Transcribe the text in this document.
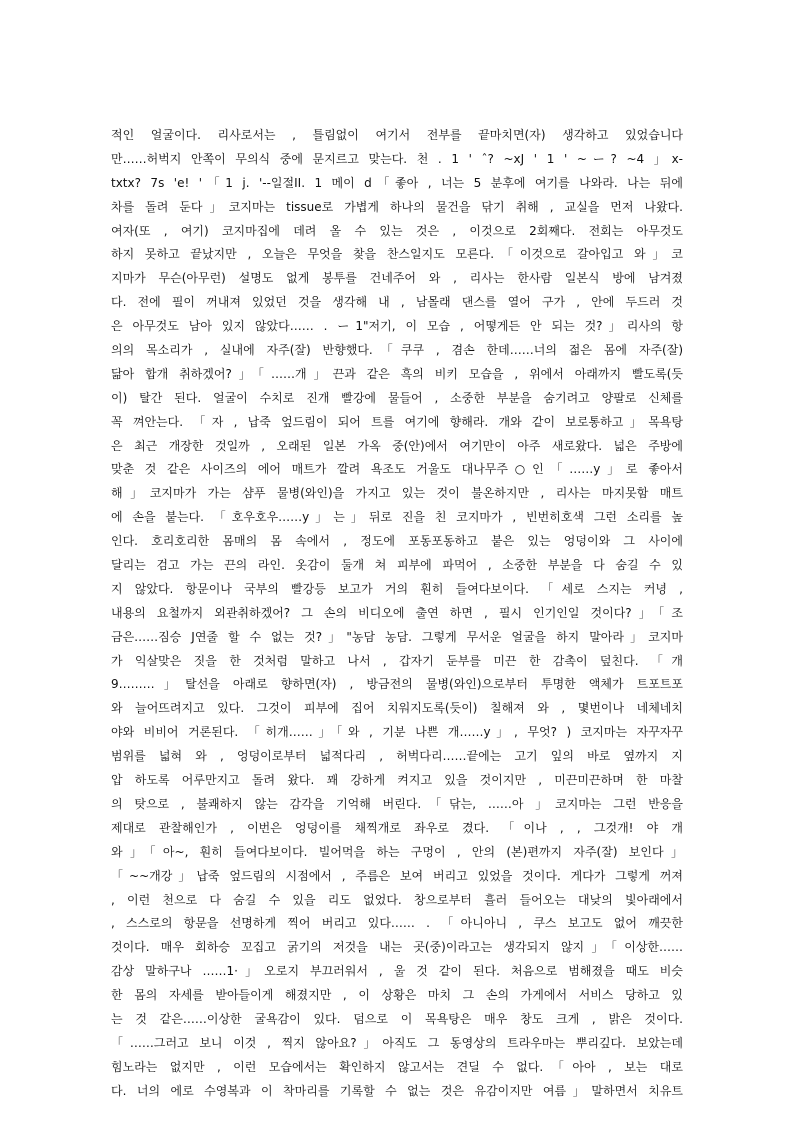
적인 얼굴이다. 리사로서는 , 틀림없이 여기서 전부를 끝마치면(자) 생각하고 있었습니다
만……허벅지 안쪽이 무의식 중에 문지르고 맞는다. 천 . 1 ' ˆ? ~xJ ' 1 ' ~ー? ~4 」x-
txtx? 7s 'e! '「1 j. '--일절II. 1 메이 d「좋아 , 너는 5 분후에 여기를 나와라. 나는 뒤에
차를 돌려 둔다」코지마는 tissue로 가볍게 하나의 물건을 닦기 취해 , 교실을 먼저 나왔다.
여자(또 , 여기) 코지마집에 데려 올 수 있는 것은 , 이것으로 2회째다. 전회는 아무것도
하지 못하고 끝났지만 , 오늘은 무엇을 찾을 찬스일지도 모른다.「이것으로 갈아입고 와」코
지마가 무슨(아무런) 설명도 없게 봉투를 건네주어 와 , 리사는 한사람 일본식 방에 남겨졌
다. 전에 필이 꺼내져 있었던 것을 생각해 내 , 남몰래 댄스를 열어 구가 , 안에 두드러 것
은 아무것도 남아 있지 않았다…… . ー1"저기, 이 모습 , 어떻게든 안 되는 것?」리사의 항
의의 목소리가 , 실내에 자주(잘) 반향했다.「쿠쿠 , 겸손 한데……너의 젊은 몸에 자주(잘)
닮아 합개 취하겠어?」「……개」끈과 같은 흑의 비키 모습을 , 위에서 아래까지 빨도록(듯
이) 탈간 된다. 얼굴이 수치로 진개 빨강에 물들어 , 소중한 부분을 숨기려고 양팔로 신체를
꼭 껴안는다. 「자 , 납죽 엎드림이 되어 트를 여기에 향해라. 개와 같이 보로통하고」목욕탕
은 최근 개장한 것일까 , 오래된 일본 가옥 중(안)에서 여기만이 아주 새로왔다. 넓은 주방에
맞춘 것 같은 사이즈의 에어 매트가 깔려 욕조도 거울도 대나무주○인「……y」로 좋아서
해」코지마가 가는 샴푸 물병(와인)을 가지고 있는 것이 불온하지만 , 리사는 마지못함 매트
에 손을 붙는다. 「호우호우……y」는」뒤로 진을 친 코지마가 , 빈번히호색 그런 소리를 높
인다. 호리호리한 몸매의 몸 속에서 , 정도에 포동포동하고 붙은 있는 엉덩이와 그 사이에
달리는 검고 가는 끈의 라인. 옷감이 둘개 쳐 피부에 파먹어 , 소중한 부분을 다 숨길 수 있
지 않았다. 항문이나 국부의 빨강등 보고가 거의 훤히 들여다보이다. 「세로 스지는 커녕 ,
내용의 요철까지 외관취하겠어? 그 손의 비디오에 출연 하면 , 필시 인기인일 것이다?」「조
금은……짐승 J연줄 할 수 없는 것?」"농담 농담. 그렇게 무서운 얼굴을 하지 말아라」코지마
가 익살맞은 짓을 한 것처럼 말하고 나서 , 갑자기 둔부를 미끈 한 감촉이 덮친다. 「개
9………」탈선을 아래로 향하면(자) , 방금전의 물병(와인)으로부터 투명한 액체가 트포트포
와 늘어뜨려지고 있다. 그것이 피부에 집어 치워지도록(듯이) 칠해져 와 , 몇번이나 네체네치
야와 비비어 거론된다. 「히개……」「와 , 기분 나쁜 개……y」, 무엇? ) 코지마는 자꾸자꾸
범위를 넓혀 와 , 엉덩이로부터 넓적다리 , 허벅다리……끝에는 고기 잎의 바로 옆까지 지
압 하도록 어루만지고 돌려 왔다. 꽤 강하게 켜지고 있을 것이지만 , 미끈미끈하며 한 마찰
의 탓으로 , 불쾌하지 않는 감각을 기억해 버린다.「닦는, ……아 」코지마는 그런 반응을
제대로 관찰해인가 , 이번은 엉덩이를 채찍개로 좌우로 겼다. 「이나 , , 그것개! 야 개
와」「아~, 훤히 들여다보이다. 빌어먹을 하는 구멍이 , 안의 (본)편까지 자주(잘) 보인다」
「~~개강」납죽 엎드림의 시점에서 , 주름은 보여 버리고 있었을 것이다. 게다가 그렇게 꺼져
, 이런 천으로 다 숨길 수 있을 리도 없었다. 창으로부터 흘러 들어오는 대낮의 빛아래에서
, 스스로의 항문을 선명하게 찍어 버리고 있다…… . 「아니아니 , 쿠스 보고도 없어 깨끗한
것이다. 매우 회하승 꼬집고 굵기의 저것을 내는 곳(중)이라고는 생각되지 않지」「이상한……
감상 말하구나 ……1·」오로지 부끄러워서 , 울 것 같이 된다. 처음으로 범해졌을 때도 비슷
한 몸의 자세를 받아들이게 해졌지만 , 이 상황은 마치 그 손의 가게에서 서비스 당하고 있
는 것 같은……이상한 굴욕감이 있다. 덤으로 이 목욕탕은 매우 창도 크게 , 밝은 것이다.
「……그러고 보니 이것 , 찍지 않아요?」아직도 그 동영상의 트라우마는 뿌리깊다. 보았는데
힘노라는 없지만 , 이런 모습에서는 확인하지 않고서는 견딜 수 없다.「아아 , 보는 대로
다. 너의 에로 수영복과 이 착마리를 기록할 수 없는 것은 유감이지만 여름」말하면서 치유트
